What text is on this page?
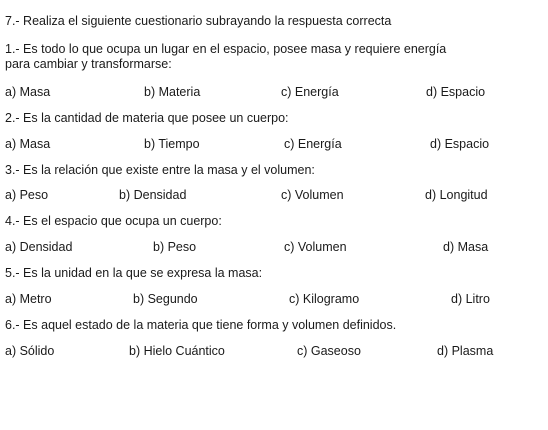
7.- Realiza el siguiente cuestionario subrayando la respuesta correcta
1.- Es todo lo que ocupa un lugar en el espacio, posee masa y requiere energía
para cambiar y transformarse:
a) Masa	b) Materia	c) Energía	d) Espacio
2.- Es la cantidad de materia que posee un cuerpo:
a) Masa	b) Tiempo	c) Energía	d) Espacio
3.- Es la relación que existe entre la masa y el volumen:
a) Peso	b) Densidad	c) Volumen	d) Longitud
4.- Es el espacio que ocupa un cuerpo:
a) Densidad	b) Peso	c) Volumen	d) Masa
5.- Es la unidad en la que se expresa la masa:
a) Metro	b) Segundo	c) Kilogramo	d) Litro
6.- Es aquel estado de la materia que tiene forma y volumen definidos.
a) Sólido	b) Hielo Cuántico	c) Gaseoso	d) Plasma
